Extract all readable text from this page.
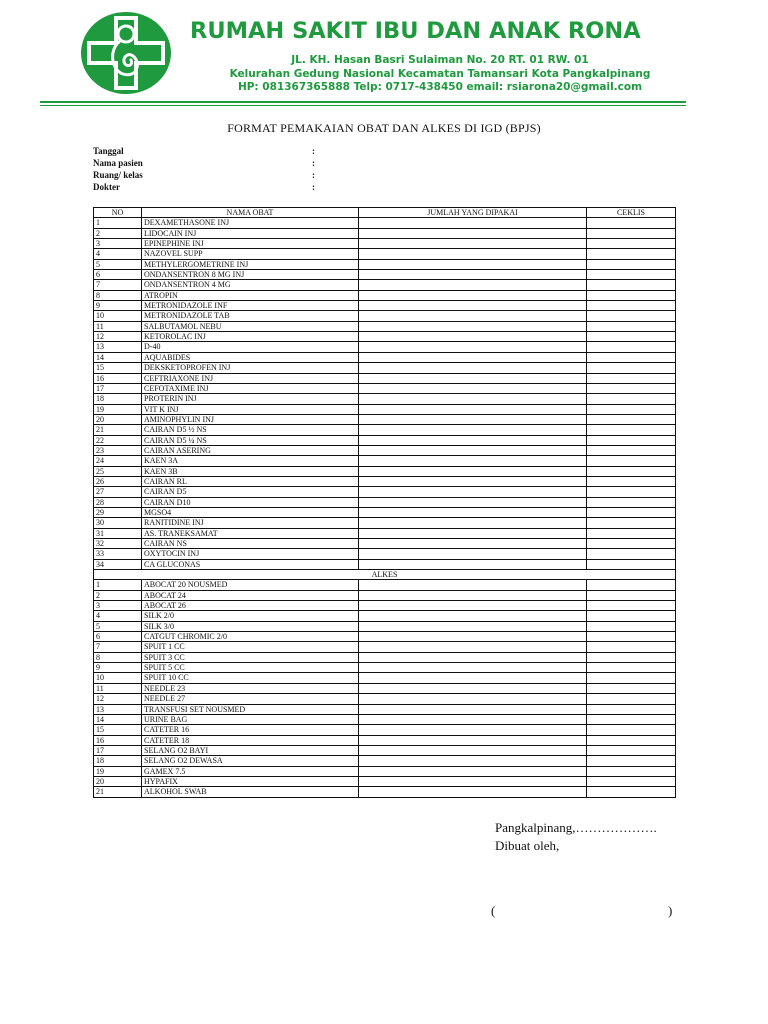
RUMAH SAKIT IBU DAN ANAK RONA
JL. KH. Hasan Basri Sulaiman No. 20 RT. 01 RW. 01
Kelurahan Gedung Nasional Kecamatan Tamansari Kota Pangkalpinang
HP: 081367365888 Telp: 0717-438450 email: rsiarona20@gmail.com
FORMAT PEMAKAIAN OBAT DAN ALKES DI IGD (BPJS)
Tanggal	:
Nama pasien	:
Ruang/ kelas	:
Dokter	:
NO	NAMA OBAT	JUMLAH YANG DIPAKAI	CEKLIS
1	DEXAMETHASONE INJ		
2	LIDOCAIN INJ		
3	EPINEPHINE INJ		
4	NAZOVEL SUPP		
5	METHYLERGOMETRINE INJ		
6	ONDANSENTRON 8 MG INJ		
7	ONDANSENTRON 4 MG		
8	ATROPIN		
9	METRONIDAZOLE INF		
10	METRONIDAZOLE TAB		
11	SALBUTAMOL NEBU		
12	KETOROLAC INJ		
13	D-40		
14	AQUABIDES		
15	DEKSKETOPROFEN INJ		
16	CEFTRIAXONE INJ		
17	CEFOTAXIME INJ		
18	PROTERIN INJ		
19	VIT K INJ		
20	AMINOPHYLIN INJ		
21	CAIRAN D5 ½ NS		
22	CAIRAN D5 ¼ NS		
23	CAIRAN ASERING		
24	KAEN 3A		
25	KAEN 3B		
26	CAIRAN RL		
27	CAIRAN D5		
28	CAIRAN D10		
29	MGSO4		
30	RANITIDINE INJ		
31	AS. TRANEKSAMAT		
32	CAIRAN NS		
33	OXYTOCIN INJ		
34	CA GLUCONAS		
ALKES			
1	ABOCAT 20 NOUSMED		
2	ABOCAT 24		
3	ABOCAT 26		
4	SILK 2/0		
5	SILK 3/0		
6	CATGUT CHROMIC 2/0		
7	SPUIT 1 CC		
8	SPUIT 3 CC		
9	SPUIT 5 CC		
10	SPUIT 10 CC		
11	NEEDLE 23		
12	NEEDLE 27		
13	TRANSFUSI SET NOUSMED		
14	URINE BAG		
15	CATETER 16		
16	CATETER 18		
17	SELANG O2 BAYI		
18	SELANG O2 DEWASA		
19	GAMEX 7.5		
20	HYPAFIX		
21	ALKOHOL SWAB		
Pangkalpinang,……………….
Dibuat oleh,
(	)
